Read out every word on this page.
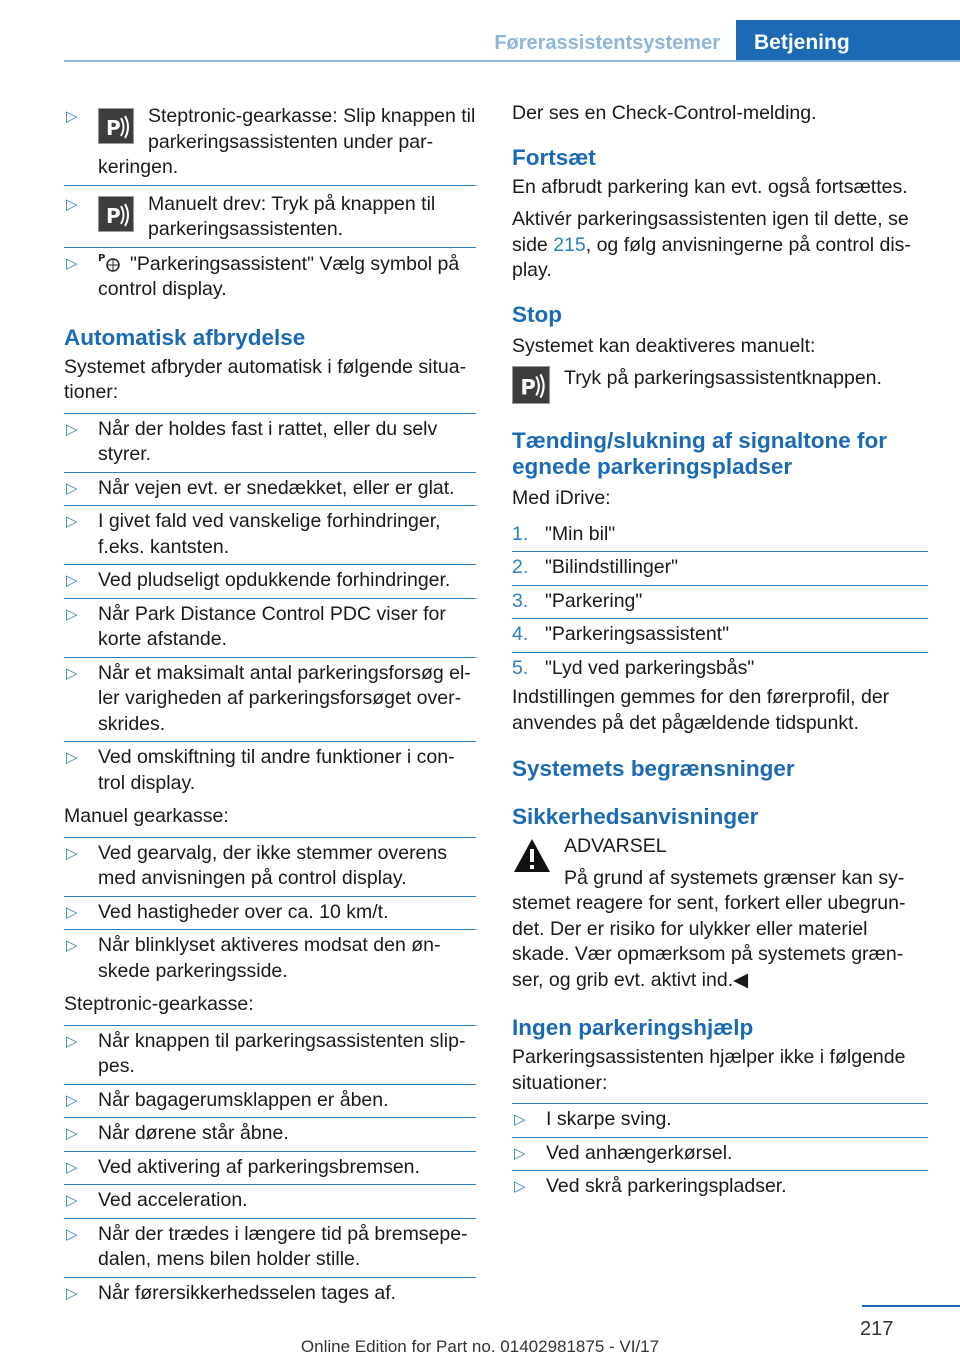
Førerassistentsystemer	Betjening
▷ P Steptronic-gearkasse: Slip knappen til parkeringsassistenten under par-keringen.
▷ P Manuelt drev: Tryk på knappen til parkeringsassistenten.
▷ P "Parkeringsassistent" Vælg symbol på control display.
Automatisk afbrydelse

Systemet afbryder automatisk i følgende situa-tioner:

▷ Når der holdes fast i rattet, eller du selv styrer.
▷ Når vejen evt. er snedækket, eller er glat.
▷ I givet fald ved vanskelige forhindringer, f.eks. kantsten.
▷ Ved pludseligt opdukkende forhindringer.
▷ Når Park Distance Control PDC viser for korte afstande.
▷ Når et maksimalt antal parkeringsforsøg el-ler varigheden af parkeringsforsøget over-skrides.
▷ Ved omskiftning til andre funktioner i con-trol display.

Manuel gearkasse:

▷ Ved gearvalg, der ikke stemmer overens med anvisningen på control display.
▷ Ved hastigheder over ca. 10 km/t.
▷ Når blinklyset aktiveres modsat den øn-skede parkeringsside.

Steptronic-gearkasse:

▷ Når knappen til parkeringsassistenten slip-pes.
▷ Når bagagerumsklappen er åben.
▷ Når dørene står åbne.
▷ Ved aktivering af parkeringsbremsen.
▷ Ved acceleration.
▷ Når der trædes i længere tid på bremsepe-dalen, mens bilen holder stille.
▷ Når førersikkerhedsselen tages af.

Der ses en Check-Control-melding.

Fortsæt

En afbrudt parkering kan evt. også fortsættes.

Aktivér parkeringsassistenten igen til dette, se side 215, og følg anvisningerne på control dis-play.

Stop

Systemet kan deaktiveres manuelt:

P Tryk på parkeringsassistentknappen.
Tænding/slukning af signaltone for egnede parkeringspladser

Med iDrive:

1. "Min bil"
2. "Bilindstillinger"
3. "Parkering"
4. "Parkeringsassistent"
5. "Lyd ved parkeringsbås"

Indstillingen gemmes for den førerprofil, der anvendes på det pågældende tidspunkt.

Systemets begrænsninger
Sikkerhedsanvisninger
ADVARSEL
På grund af systemets grænser kan sy-stemet reagere for sent, forkert eller ubegrun-det. Der er risiko for ulykker eller materiel skade. Vær opmærksom på systemets græn-ser, og grib evt. aktivt ind.◀
Ingen parkeringshjælp

Parkeringsassistenten hjælper ikke i følgende situationer:

▷ I skarpe sving.
▷ Ved anhængerkørsel.
▷ Ved skrå parkeringspladser.
217
Online Edition for Part no. 01402981875 - VI/17
